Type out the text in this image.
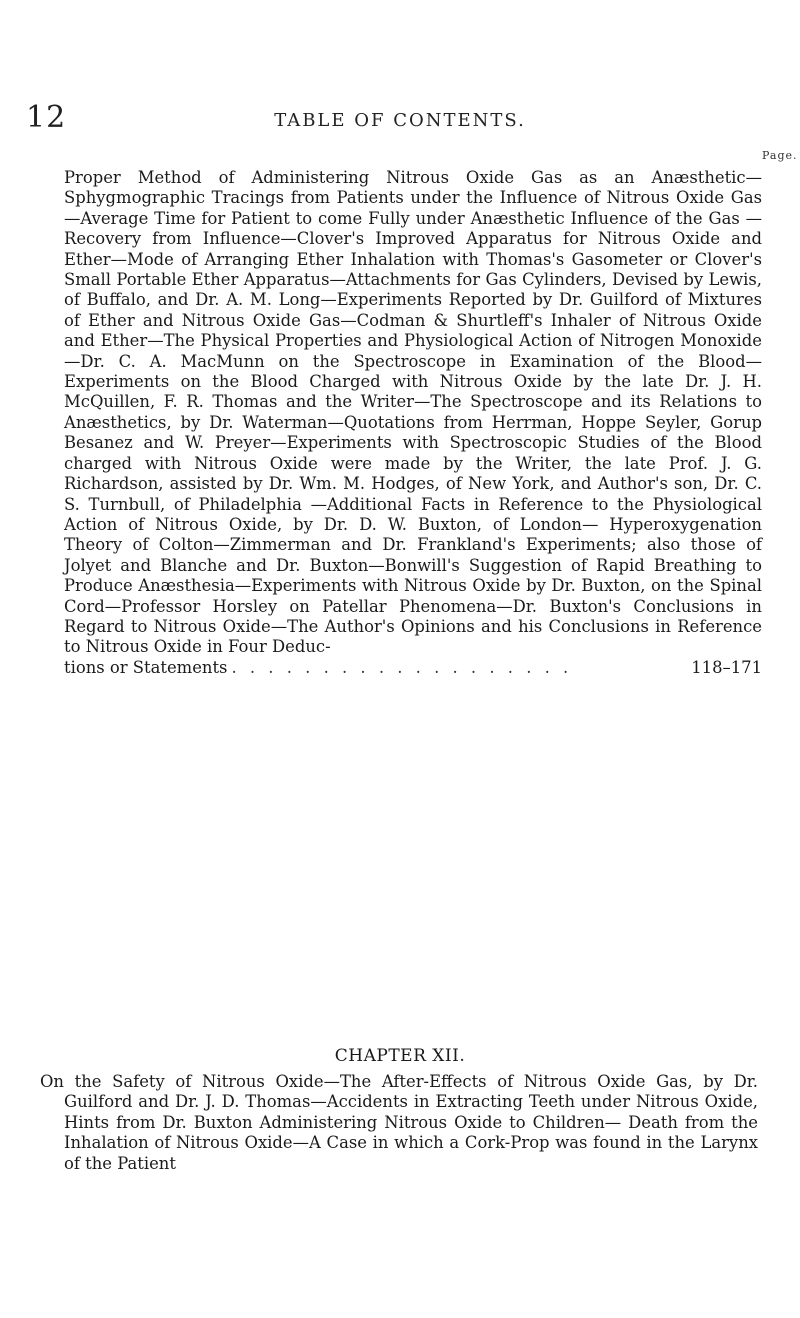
12	TABLE OF CONTENTS.
Page.
Proper Method of Administering Nitrous Oxide Gas as an Anæsthetic—Sphygmographic Tracings from Patients under the Influence of Nitrous Oxide Gas—Average Time for Patient to come Fully under Anæsthetic Influence of the Gas —Recovery from Influence—Clover's Improved Apparatus for Nitrous Oxide and Ether—Mode of Arranging Ether Inhalation with Thomas's Gasometer or Clover's Small Portable Ether Apparatus—Attachments for Gas Cylinders, Devised by Lewis, of Buffalo, and Dr. A. M. Long—Experiments Reported by Dr. Guilford of Mixtures of Ether and Nitrous Oxide Gas—Codman & Shurtleff's Inhaler of Nitrous Oxide and Ether—The Physical Properties and Physiological Action of Nitrogen Monoxide—Dr. C. A. MacMunn on the Spectroscope in Examination of the Blood—Experiments on the Blood Charged with Nitrous Oxide by the late Dr. J. H. McQuillen, F. R. Thomas and the Writer—The Spectroscope and its Relations to Anæsthetics, by Dr. Waterman—Quotations from Herrman, Hoppe Seyler, Gorup Besanez and W. Preyer—Experiments with Spectroscopic Studies of the Blood charged with Nitrous Oxide were made by the Writer, the late Prof. J. G. Richardson, assisted by Dr. Wm. M. Hodges, of New York, and Author's son, Dr. C. S. Turnbull, of Philadelphia —Additional Facts in Reference to the Physiological Action of Nitrous Oxide, by Dr. D. W. Buxton, of London— Hyperoxygenation Theory of Colton—Zimmerman and Dr. Frankland's Experiments; also those of Jolyet and Blanche and Dr. Buxton—Bonwill's Suggestion of Rapid Breathing to Produce Anæsthesia—Experiments with Nitrous Oxide by Dr. Buxton, on the Spinal Cord—Professor Horsley on Patellar Phenomena—Dr. Buxton's Conclusions in Regard to Nitrous Oxide—The Author's Opinions and his Conclusions in Reference to Nitrous Oxide in Four Deduc-
tions or Statements . . . . . . . . . . . . . . . . . . .	118–171
CHAPTER XII.
On the Safety of Nitrous Oxide—The After-Effects of Nitrous Oxide Gas, by Dr. Guilford and Dr. J. D. Thomas—Accidents in Extracting Teeth under Nitrous Oxide, Hints from Dr. Buxton Administering Nitrous Oxide to Children— Death from the Inhalation of Nitrous Oxide—A Case in which a Cork-Prop was found in the Larynx of the Patient
